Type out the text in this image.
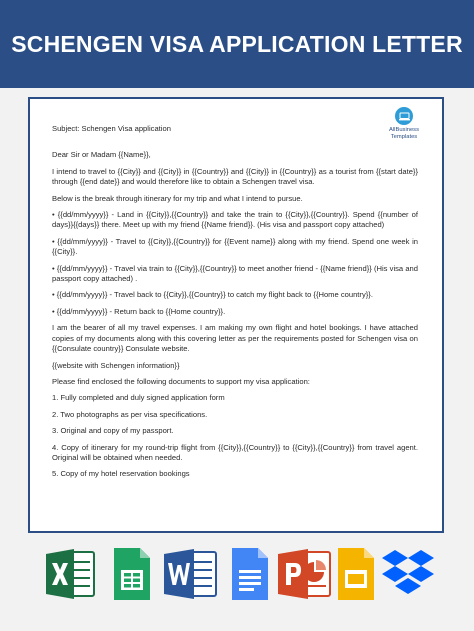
SCHENGEN VISA APPLICATION LETTER
AllBusiness
Templates

Subject: Schengen Visa application

Dear Sir or Madam {{Name}},

I intend to travel to {{City}} and {{City}} in {{Country}} and {{City}} in {{Country}} as a tourist from {{start date}} through {{end date}} and would therefore like to obtain a Schengen travel visa.

Below is the break through itinerary for my trip and what I intend to pursue.

• {{dd/mm/yyyy}} - Land in {{City}},{{Country}} and take the train to {{City}},{{Country}}. Spend {{number of days}}{{days}} there. Meet up with my friend {{Name friend}}. (His visa and passport copy attached)

• {{dd/mm/yyyy}} - Travel to {{City}},{{Country}} for {{Event name}} along with my friend. Spend one week in {{City}}.

• {{dd/mm/yyyy}} - Travel via train to {{City}},{{Country}} to meet another friend - {{Name friend}} (His visa and passport copy attached) .

• {{dd/mm/yyyy}} - Travel back to {{City}},{{Country}} to catch my flight back to {{Home country}}.

• {{dd/mm/yyyy}} - Return back to {{Home country}}.

I am the bearer of all my travel expenses. I am making my own flight and hotel bookings. I have attached copies of my documents along with this covering letter as per the requirements posted for Schengen visa on {{Consulate country}} Consulate website.

{{website with Schengen information}}

Please find enclosed the following documents to support my visa application:

1. Fully completed and duly signed application form

2. Two photographs as per visa specifications.

3. Original and copy of my passport.

4. Copy of itinerary for my round-trip flight from {{City}},{{Country}} to {{City}},{{Country}} from travel agent. Original will be obtained when needed.

5. Copy of my hotel reservation bookings
